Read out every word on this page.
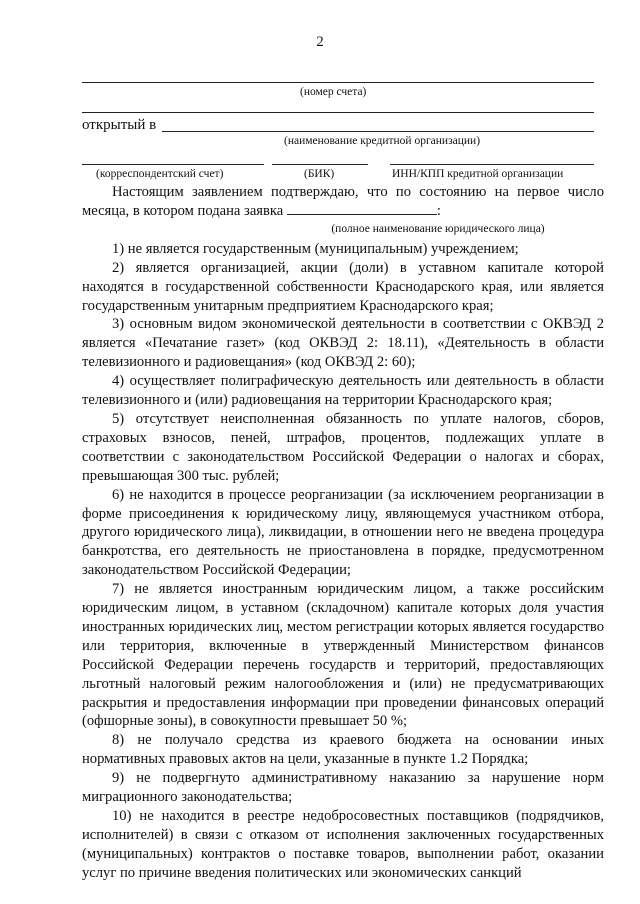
2
(номер счета)
открытый в
(наименование кредитной организации)
(корреспондентский счет)	(БИК)	ИНН/КПП кредитной организации

Настоящим заявлением подтверждаю, что по состоянию на первое число месяца, в котором подана заявка	:

(полное наименование юридического лица)

1) не является государственным (муниципальным) учреждением;

2) является организацией, акции (доли) в уставном капитале которой находятся в государственной собственности Краснодарского края, или является государственным унитарным предприятием Краснодарского края;

3) основным видом экономической деятельности в соответствии с ОКВЭД 2 является «Печатание газет» (код ОКВЭД 2: 18.11), «Деятельность в области телевизионного и радиовещания» (код ОКВЭД 2: 60);

4) осуществляет полиграфическую деятельность или деятельность в области телевизионного и (или) радиовещания на территории Краснодарского края;

5) отсутствует неисполненная обязанность по уплате налогов, сборов, страховых взносов, пеней, штрафов, процентов, подлежащих уплате в соответствии с законодательством Российской Федерации о налогах и сборах, превышающая 300 тыс. рублей;

6) не находится в процессе реорганизации (за исключением реорганизации в форме присоединения к юридическому лицу, являющемуся участником отбора, другого юридического лица), ликвидации, в отношении него не введена процедура банкротства, его деятельность не приостановлена в порядке, предусмотренном законодательством Российской Федерации;

7) не является иностранным юридическим лицом, а также российским юридическим лицом, в уставном (складочном) капитале которых доля участия иностранных юридических лиц, местом регистрации которых является государство или территория, включенные в утвержденный Министерством финансов Российской Федерации перечень государств и территорий, предоставляющих льготный налоговый режим налогообложения и (или) не предусматривающих раскрытия и предоставления информации при проведении финансовых операций (офшорные зоны), в совокупности превышает 50 %;

8) не получало средства из краевого бюджета на основании иных нормативных правовых актов на цели, указанные в пункте 1.2 Порядка;

9) не подвергнуто административному наказанию за нарушение норм миграционного законодательства;

10) не находится в реестре недобросовестных поставщиков (подрядчиков, исполнителей) в связи с отказом от исполнения заключенных государственных (муниципальных) контрактов о поставке товаров, выполнении работ, оказании услуг по причине введения политических или экономических санкций
